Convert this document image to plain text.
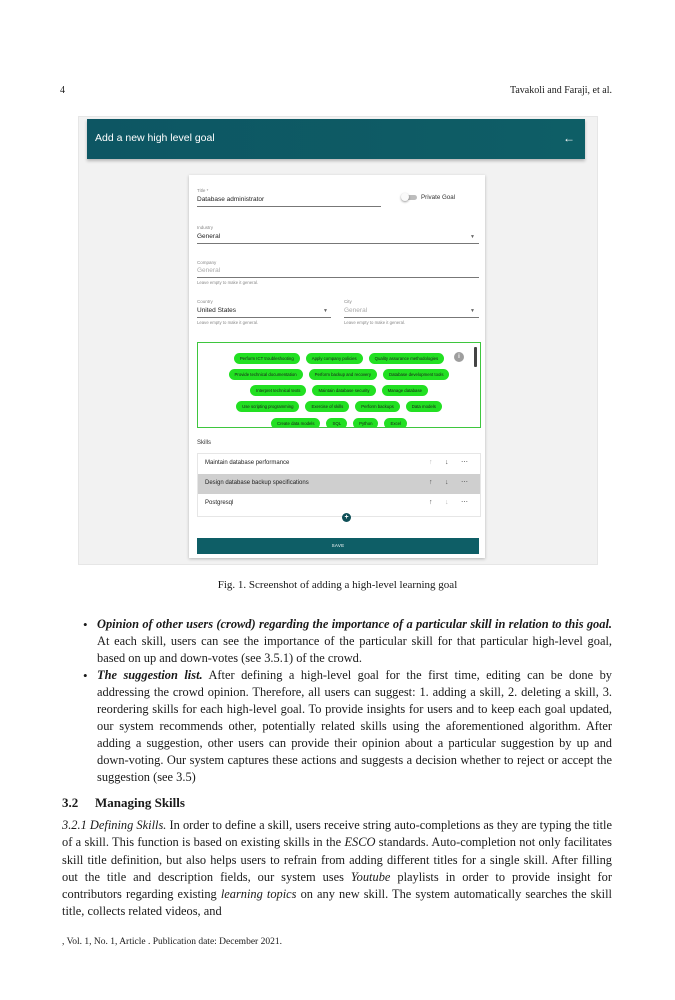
4	Tavakoli and Faraji, et al.
Add a new high level goal	←
Title *
Database administrator	Private Goal
Industry
General	▼
Company
General
Leave empty to make it general.
Country
United States	▼
Leave empty to make it general.
City
General	▼
Leave empty to make it general.
Perform ICT troubleshooting	Apply company policies	Quality assurance methodologies
Provide technical documentation	Perform backup and recovery	Database development tools
Interpret technical texts	Maintain database security	Manage database
Use scripting programming	Exercise of skills	Perform backups	Data models
Create data models	SQL	Python	Excel
i
Skills
Maintain database performance	↑ ↓ ⋯
Design database backup specifications	↑ ↓ ⋯
Postgresql	↑ ↓ ⋯
+
SAVE
Fig. 1. Screenshot of adding a high-level learning goal
• Opinion of other users (crowd) regarding the importance of a particular skill in relation to this goal. At each skill, users can see the importance of the particular skill for that particular high-level goal, based on up and down-votes (see 3.5.1) of the crowd.
• The suggestion list. After defining a high-level goal for the first time, editing can be done by addressing the crowd opinion. Therefore, all users can suggest: 1. adding a skill, 2. deleting a skill, 3. reordering skills for each high-level goal. To provide insights for users and to keep each goal updated, our system recommends other, potentially related skills using the aforementioned algorithm. After adding a suggestion, other users can provide their opinion about a particular suggestion by up and down-voting. Our system captures these actions and suggests a decision whether to reject or accept the suggestion (see 3.5)
3.2 Managing Skills

3.2.1 Defining Skills. In order to define a skill, users receive string auto-completions as they are typing the title of a skill. This function is based on existing skills in the ESCO standards. Auto-completion not only facilitates skill title definition, but also helps users to refrain from adding different titles for a single skill. After filling out the title and description fields, our system uses Youtube playlists in order to provide insight for contributors regarding existing learning topics on any new skill. The system automatically searches the skill title, collects related videos, and

, Vol. 1, No. 1, Article . Publication date: December 2021.
